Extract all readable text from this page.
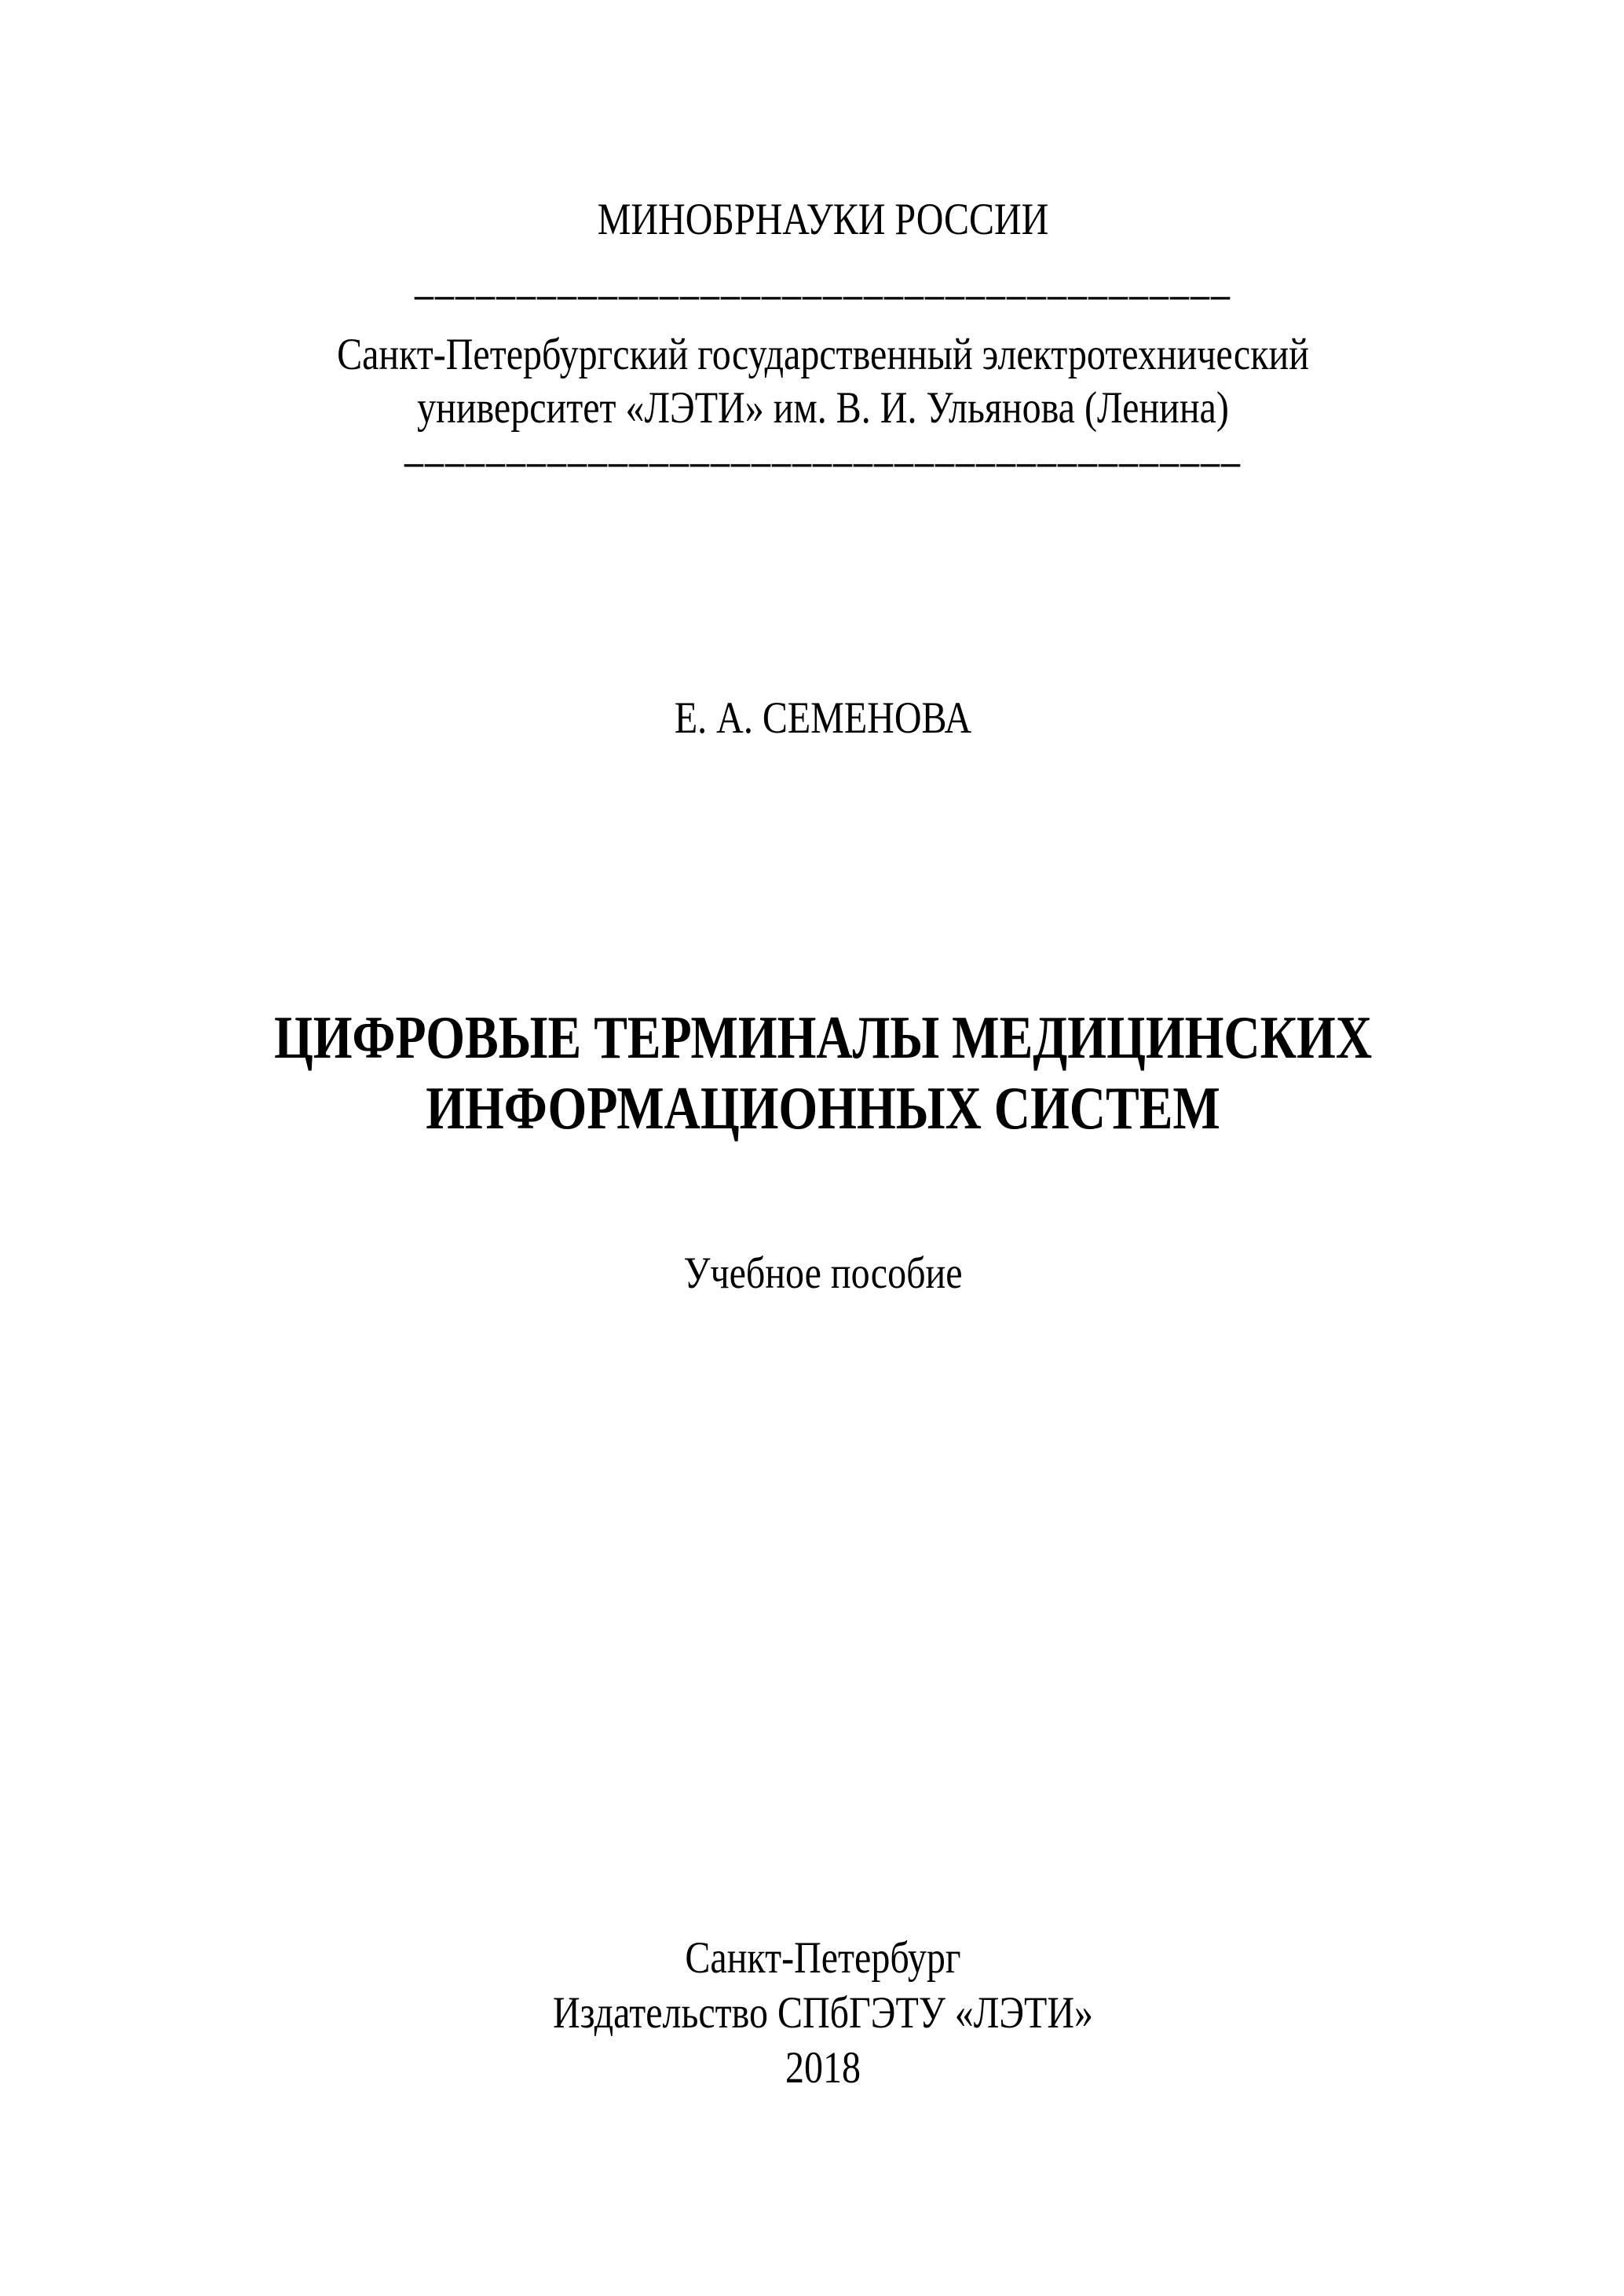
МИНОБРНАУКИ РОССИИ
________________________________________
Санкт-Петербургский государственный электротехнический
университет «ЛЭТИ» им. В. И. Ульянова (Ленина)
_________________________________________
Е. А. СЕМЕНОВА
ЦИФРОВЫЕ ТЕРМИНАЛЫ МЕДИЦИНСКИХ
ИНФОРМАЦИОННЫХ СИСТЕМ
Учебное пособие
Санкт-Петербург
Издательство СПбГЭТУ «ЛЭТИ»
2018
